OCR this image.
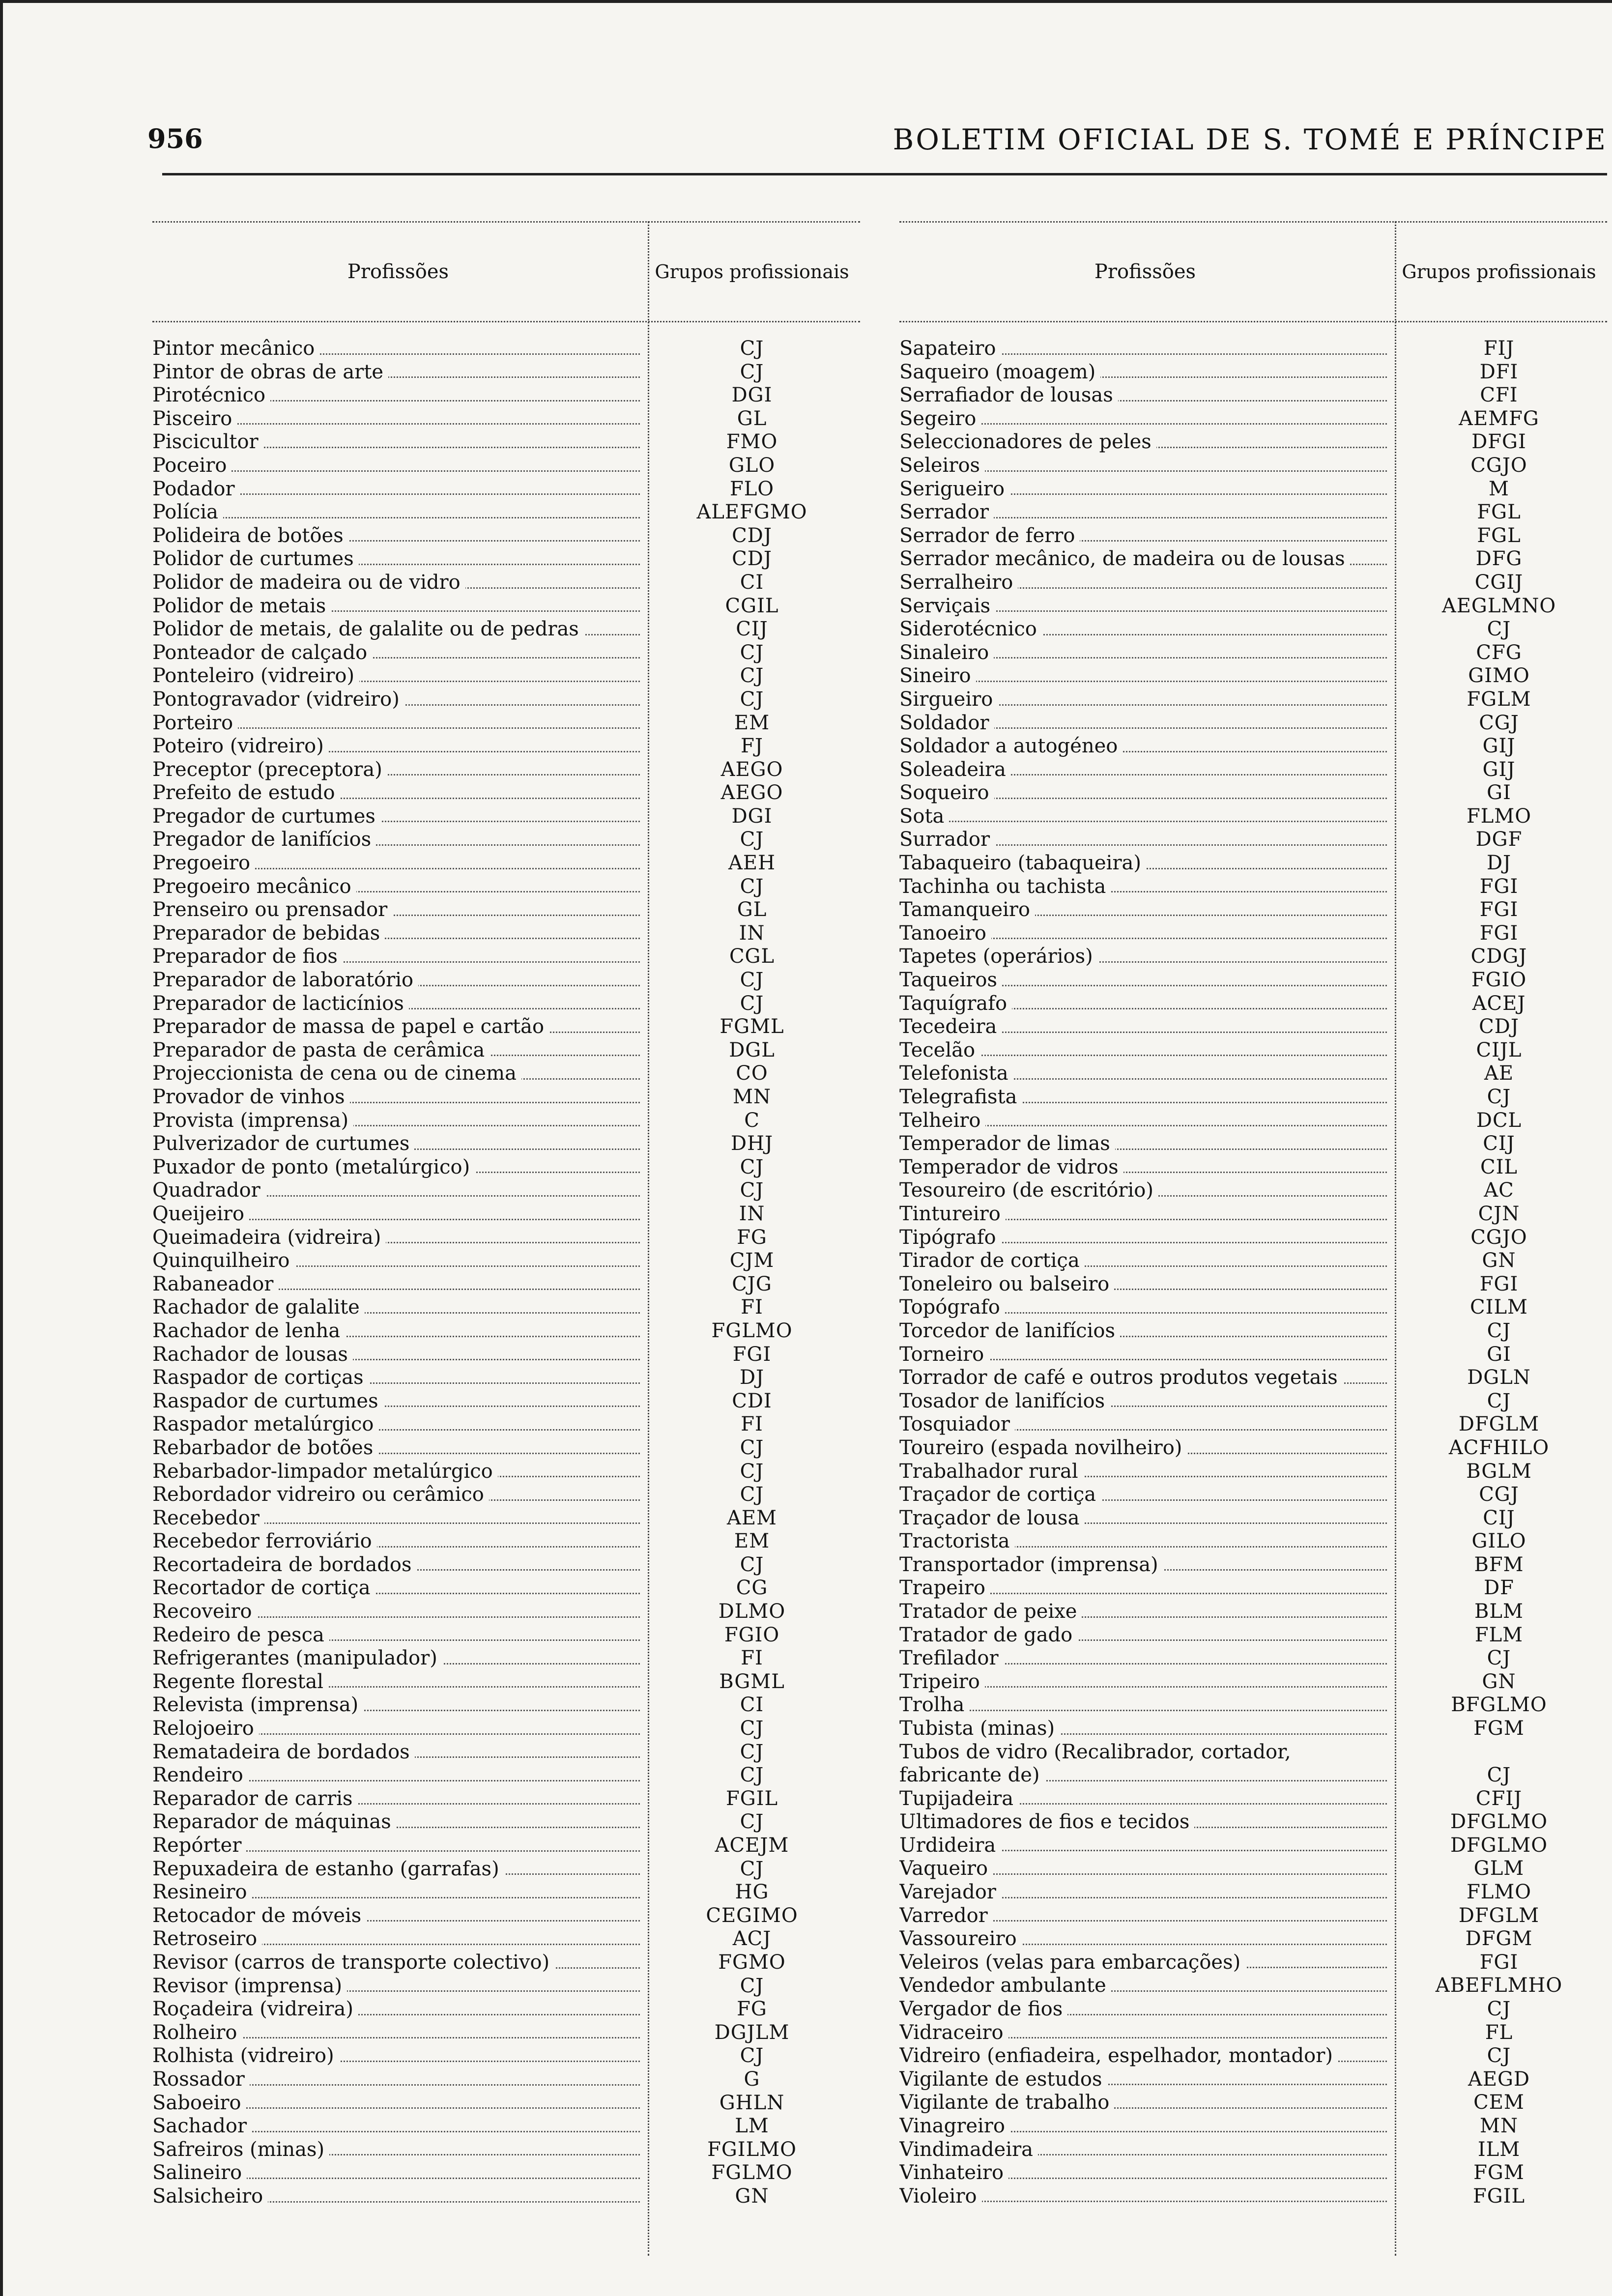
956	BOLETIM OFICIAL DE S. TOMÉ E PRÍNCIPE
Profissões	Grupos profissionais
Pintor mecânico	CJ
Pintor de obras de arte	CJ
Pirotécnico	DGI
Pisceiro	GL
Piscicultor	FMO
Poceiro	GLO
Podador	FLO
Polícia	ALEFGMO
Polideira de botões	CDJ
Polidor de curtumes	CDJ
Polidor de madeira ou de vidro	CI
Polidor de metais	CGIL
Polidor de metais, de galalite ou de pedras	CIJ
Ponteador de calçado	CJ
Ponteleiro (vidreiro)	CJ
Pontogravador (vidreiro)	CJ
Porteiro	EM
Poteiro (vidreiro)	FJ
Preceptor (preceptora)	AEGO
Prefeito de estudo	AEGO
Pregador de curtumes	DGI
Pregador de lanifícios	CJ
Pregoeiro	AEH
Pregoeiro mecânico	CJ
Prenseiro ou prensador	GL
Preparador de bebidas	IN
Preparador de fios	CGL
Preparador de laboratório	CJ
Preparador de lacticínios	CJ
Preparador de massa de papel e cartão	FGML
Preparador de pasta de cerâmica	DGL
Projeccionista de cena ou de cinema	CO
Provador de vinhos	MN
Provista (imprensa)	C
Pulverizador de curtumes	DHJ
Puxador de ponto (metalúrgico)	CJ
Quadrador	CJ
Queijeiro	IN
Queimadeira (vidreira)	FG
Quinquilheiro	CJM
Rabaneador	CJG
Rachador de galalite	FI
Rachador de lenha	FGLMO
Rachador de lousas	FGI
Raspador de cortiças	DJ
Raspador de curtumes	CDI
Raspador metalúrgico	FI
Rebarbador de botões	CJ
Rebarbador-limpador metalúrgico	CJ
Rebordador vidreiro ou cerâmico	CJ
Recebedor	AEM
Recebedor ferroviário	EM
Recortadeira de bordados	CJ
Recortador de cortiça	CG
Recoveiro	DLMO
Redeiro de pesca	FGIO
Refrigerantes (manipulador)	FI
Regente florestal	BGML
Relevista (imprensa)	CI
Relojoeiro	CJ
Rematadeira de bordados	CJ
Rendeiro	CJ
Reparador de carris	FGIL
Reparador de máquinas	CJ
Repórter	ACEJM
Repuxadeira de estanho (garrafas)	CJ
Resineiro	HG
Retocador de móveis	CEGIMO
Retroseiro	ACJ
Revisor (carros de transporte colectivo)	FGMO
Revisor (imprensa)	CJ
Roçadeira (vidreira)	FG
Rolheiro	DGJLM
Rolhista (vidreiro)	CJ
Rossador	G
Saboeiro	GHLN
Sachador	LM
Safreiros (minas)	FGILMO
Salineiro	FGLMO
Salsicheiro	GN
Profissões	Grupos profissionais
Sapateiro	FIJ
Saqueiro (moagem)	DFI
Serrafiador de lousas	CFI
Segeiro	AEMFG
Seleccionadores de peles	DFGI
Seleiros	CGJO
Serigueiro	M
Serrador	FGL
Serrador de ferro	FGL
Serrador mecânico, de madeira ou de lousas	DFG
Serralheiro	CGIJ
Serviçais	AEGLMNO
Siderotécnico	CJ
Sinaleiro	CFG
Sineiro	GIMO
Sirgueiro	FGLM
Soldador	CGJ
Soldador a autogéneo	GIJ
Soleadeira	GIJ
Soqueiro	GI
Sota	FLMO
Surrador	DGF
Tabaqueiro (tabaqueira)	DJ
Tachinha ou tachista	FGI
Tamanqueiro	FGI
Tanoeiro	FGI
Tapetes (operários)	CDGJ
Taqueiros	FGIO
Taquígrafo	ACEJ
Tecedeira	CDJ
Tecelão	CIJL
Telefonista	AE
Telegrafista	CJ
Telheiro	DCL
Temperador de limas	CIJ
Temperador de vidros	CIL
Tesoureiro (de escritório)	AC
Tintureiro	CJN
Tipógrafo	CGJO
Tirador de cortiça	GN
Toneleiro ou balseiro	FGI
Topógrafo	CILM
Torcedor de lanifícios	CJ
Torneiro	GI
Torrador de café e outros produtos vegetais	DGLN
Tosador de lanifícios	CJ
Tosquiador	DFGLM
Toureiro (espada novilheiro)	ACFHILO
Trabalhador rural	BGLM
Traçador de cortiça	CGJ
Traçador de lousa	CIJ
Tractorista	GILO
Transportador (imprensa)	BFM
Trapeiro	DF
Tratador de peixe	BLM
Tratador de gado	FLM
Trefilador	CJ
Tripeiro	GN
Trolha	BFGLMO
Tubista (minas)	FGM
Tubos de vidro (Recalibrador, cortador, fabricante de)	CJ
Tupijadeira	CFIJ
Ultimadores de fios e tecidos	DFGLMO
Urdideira	DFGLMO
Vaqueiro	GLM
Varejador	FLMO
Varredor	DFGLM
Vassoureiro	DFGM
Veleiros (velas para embarcações)	FGI
Vendedor ambulante	ABEFLMHO
Vergador de fios	CJ
Vidraceiro	FL
Vidreiro (enfiadeira, espelhador, montador)	CJ
Vigilante de estudos	AEGD
Vigilante de trabalho	CEM
Vinagreiro	MN
Vindimadeira	ILM
Vinhateiro	FGM
Violeiro	FGIL
